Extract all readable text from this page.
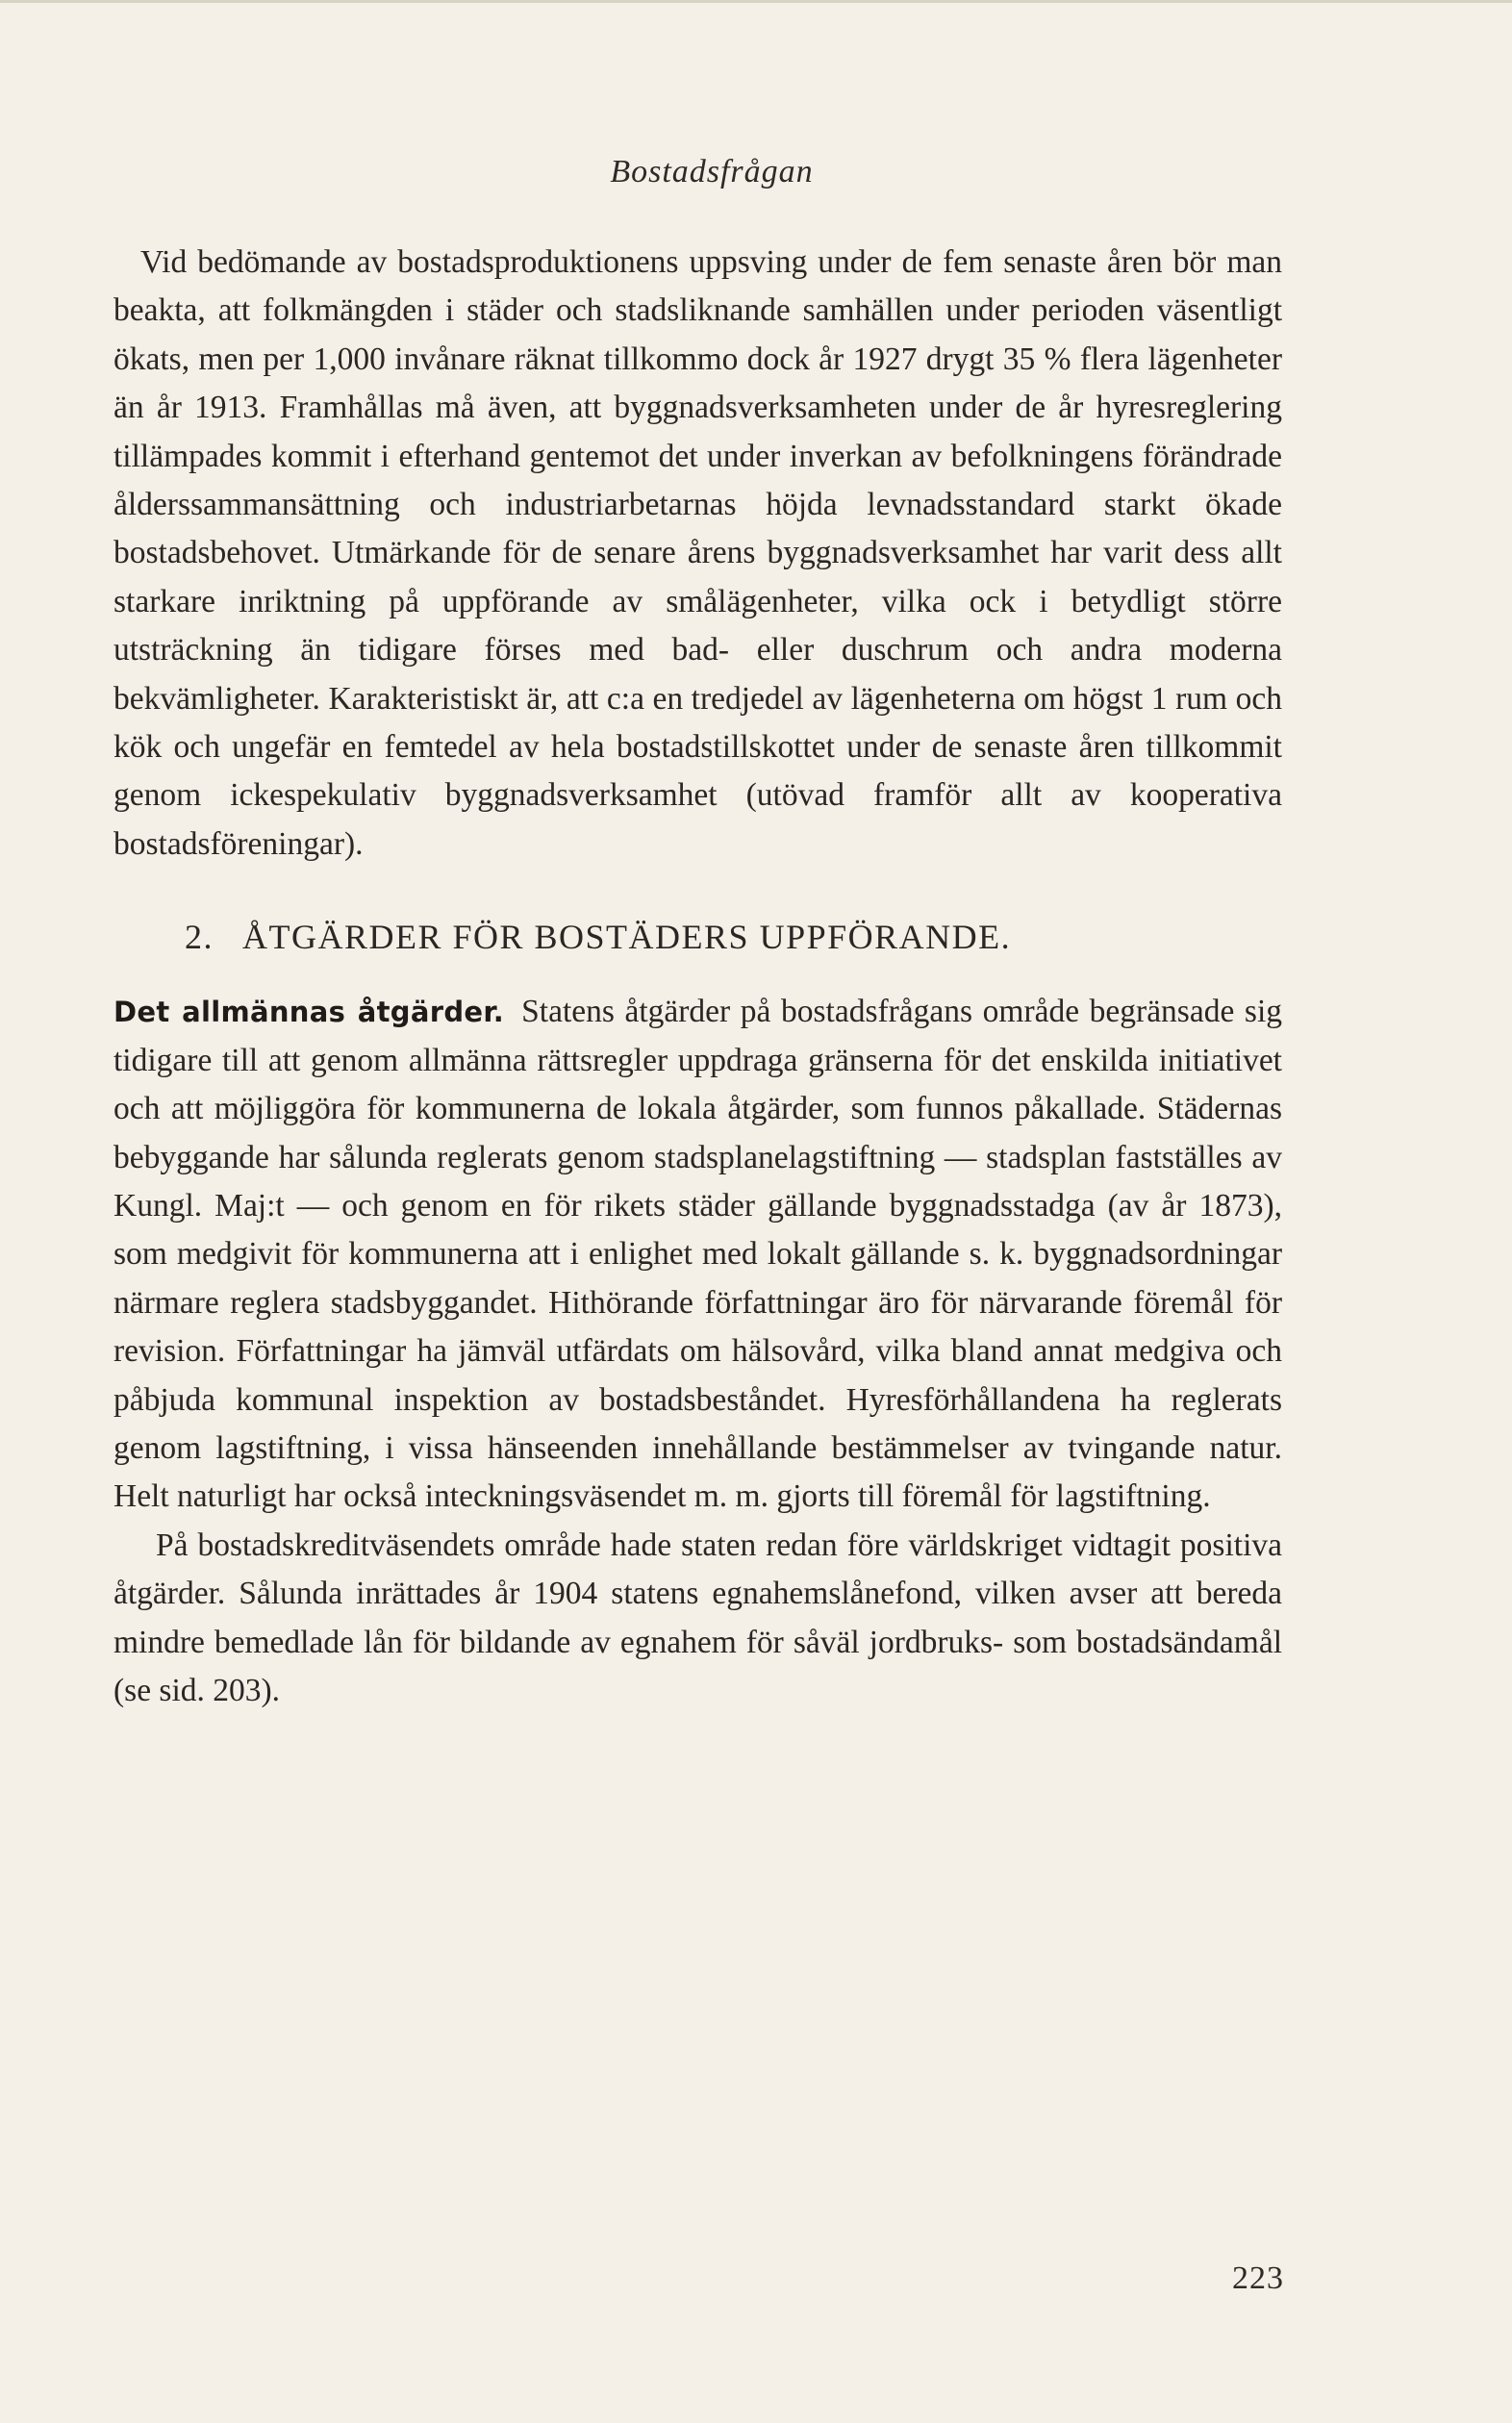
Bostadsfrågan

Vid bedömande av bostadsproduktionens uppsving under de fem senaste åren bör man beakta, att folkmängden i städer och stadsliknande samhällen under perioden väsentligt ökats, men per 1,000 invånare räknat tillkommo dock år 1927 drygt 35 % flera lägenheter än år 1913. Framhållas må även, att byggnadsverksamheten under de år hyresreglering tillämpades kommit i efterhand gentemot det under inverkan av befolkningens förändrade ålderssammansättning och industriarbetarnas höjda levnadsstandard starkt ökade bostadsbehovet. Utmärkande för de senare årens byggnadsverksamhet har varit dess allt starkare inriktning på uppförande av smålägenheter, vilka ock i betydligt större utsträckning än tidigare förses med bad- eller duschrum och andra moderna bekvämligheter. Karakteristiskt är, att c:a en tredjedel av lägenheterna om högst 1 rum och kök och ungefär en femtedel av hela bostadstillskottet under de senaste åren tillkommit genom ickespekulativ byggnadsverksamhet (utövad framför allt av kooperativa bostadsföreningar).

2. ÅTGÄRDER FÖR BOSTÄDERS UPPFÖRANDE.

Det allmännas åtgärder. Statens åtgärder på bostadsfrågans område begränsade sig tidigare till att genom allmänna rättsregler uppdraga gränserna för det enskilda initiativet och att möjliggöra för kommunerna de lokala åtgärder, som funnos påkallade. Städernas bebyggande har sålunda reglerats genom stadsplanelagstiftning — stadsplan fastställes av Kungl. Maj:t — och genom en för rikets städer gällande byggnadsstadga (av år 1873), som medgivit för kommunerna att i enlighet med lokalt gällande s. k. byggnadsordningar närmare reglera stadsbyggandet. Hithörande författningar äro för närvarande föremål för revision. Författningar ha jämväl utfärdats om hälsovård, vilka bland annat medgiva och påbjuda kommunal inspektion av bostadsbeståndet. Hyresförhållandena ha reglerats genom lagstiftning, i vissa hänseenden innehållande bestämmelser av tvingande natur. Helt naturligt har också inteckningsväsendet m. m. gjorts till föremål för lagstiftning.

På bostadskreditväsendets område hade staten redan före världskriget vidtagit positiva åtgärder. Sålunda inrättades år 1904 statens egnahemslånefond, vilken avser att bereda mindre bemedlade lån för bildande av egnahem för såväl jordbruks- som bostadsändamål (se sid. 203).

223
